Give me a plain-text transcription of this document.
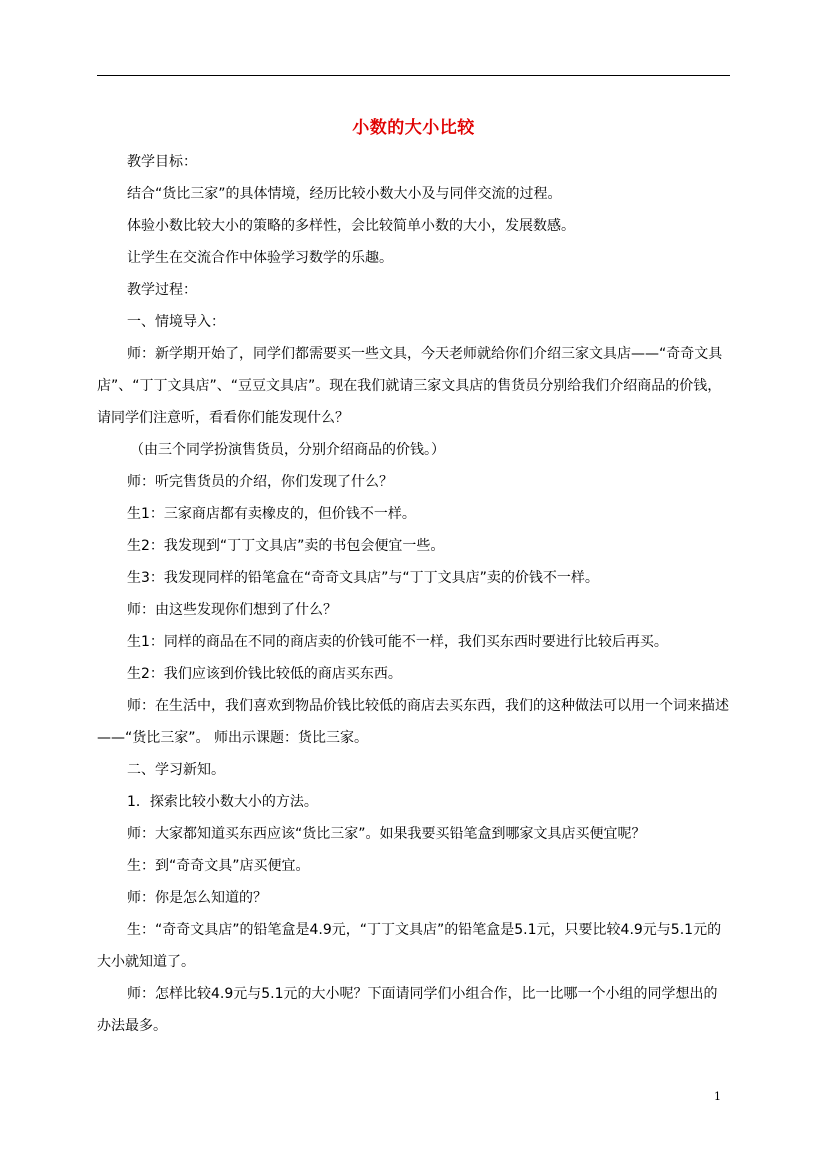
小数的大小比较
教学目标：
结合“货比三家”的具体情境，经历比较小数大小及与同伴交流的过程。
体验小数比较大小的策略的多样性，会比较简单小数的大小，发展数感。
让学生在交流合作中体验学习数学的乐趣。
教学过程：
一、情境导入：
师：新学期开始了，同学们都需要买一些文具，今天老师就给你们介绍三家文具店——“奇奇文具店”、“丁丁文具店”、“豆豆文具店”。现在我们就请三家文具店的售货员分别给我们介绍商品的价钱，请同学们注意听，看看你们能发现什么？
（由三个同学扮演售货员，分别介绍商品的价钱。）
师：听完售货员的介绍，你们发现了什么？
生1：三家商店都有卖橡皮的，但价钱不一样。
生2：我发现到“丁丁文具店”卖的书包会便宜一些。
生3：我发现同样的铅笔盒在“奇奇文具店”与“丁丁文具店”卖的价钱不一样。
师：由这些发现你们想到了什么？
生1：同样的商品在不同的商店卖的价钱可能不一样，我们买东西时要进行比较后再买。
生2：我们应该到价钱比较低的商店买东西。
师：在生活中，我们喜欢到物品价钱比较低的商店去买东西，我们的这种做法可以用一个词来描述——“货比三家”。 师出示课题：货比三家。
二、学习新知。
1．探索比较小数大小的方法。
师：大家都知道买东西应该“货比三家”。如果我要买铅笔盒到哪家文具店买便宜呢？
生：到“奇奇文具”店买便宜。
师：你是怎么知道的？
生：“奇奇文具店”的铅笔盒是4.9元，“丁丁文具店”的铅笔盒是5.1元，只要比较4.9元与5.1元的大小就知道了。
师：怎样比较4.9元与5.1元的大小呢？下面请同学们小组合作，比一比哪一个小组的同学想出的办法最多。
1
